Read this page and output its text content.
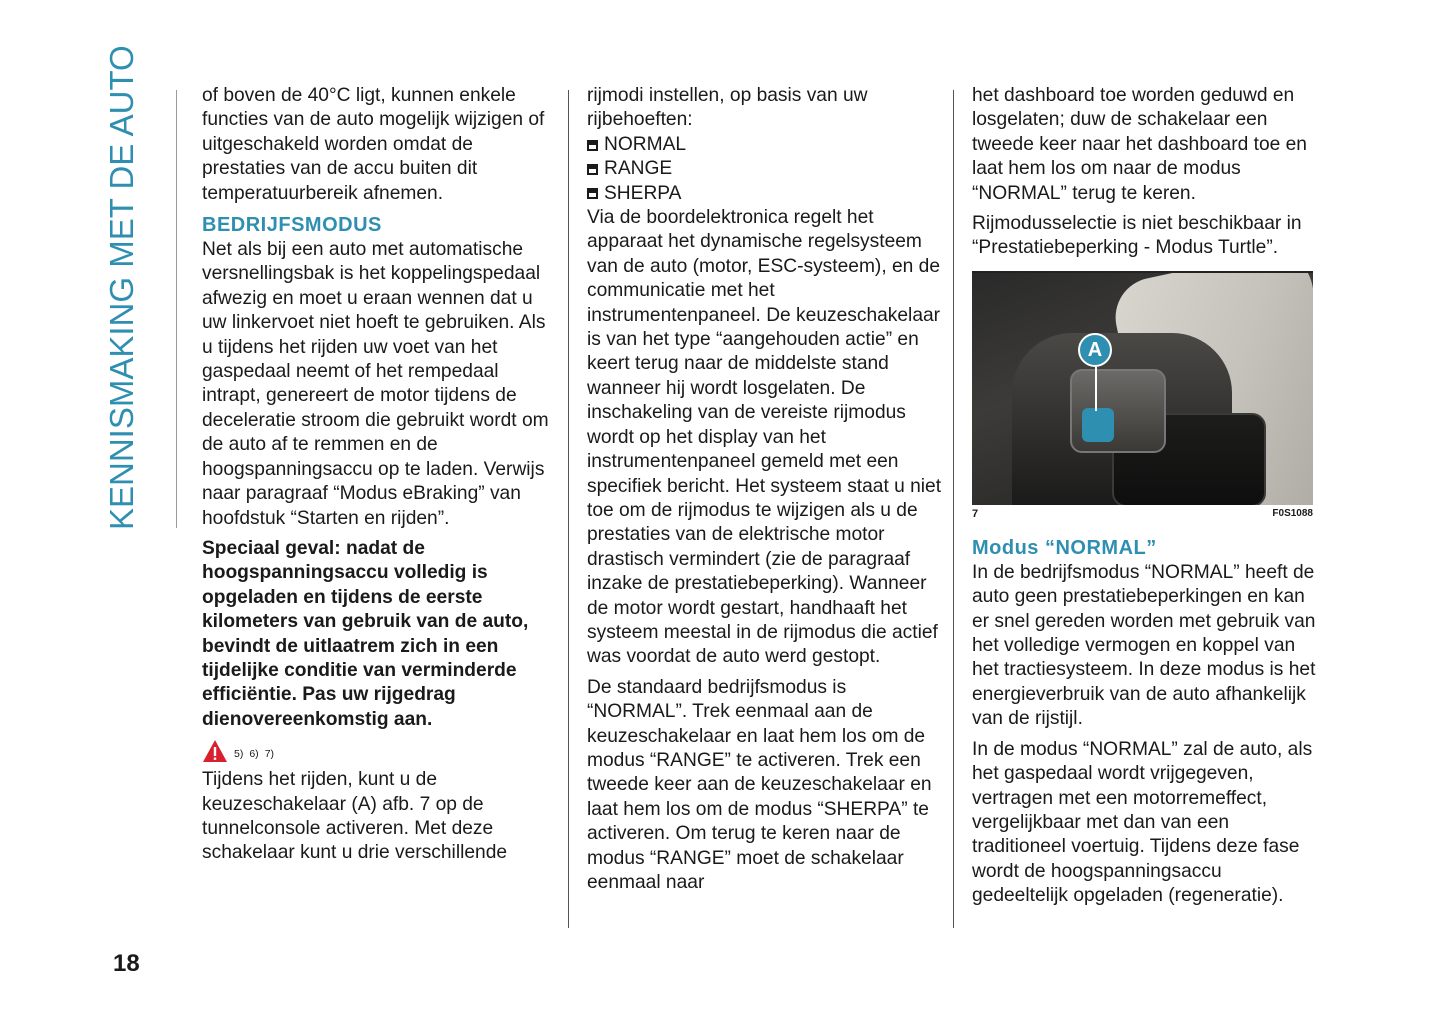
KENNISMAKING MET DE AUTO	of boven de 40°C ligt, kunnen enkele functies van de auto mogelijk wijzigen of uitgeschakeld worden omdat de prestaties van de accu buiten dit temperatuurbereik afnemen.

BEDRIJFSMODUS

Net als bij een auto met automatische versnellingsbak is het koppelingspedaal afwezig en moet u eraan wennen dat u uw linkervoet niet hoeft te gebruiken. Als u tijdens het rijden uw voet van het gaspedaal neemt of het rempedaal intrapt, genereert de motor tijdens de deceleratie stroom die gebruikt wordt om de auto af te remmen en de hoogspanningsaccu op te laden. Verwijs naar paragraaf “Modus eBraking” van hoofdstuk “Starten en rijden”.

Speciaal geval: nadat de hoogspanningsaccu volledig is opgeladen en tijdens de eerste kilometers van gebruik van de auto, bevindt de uitlaatrem zich in een tijdelijke conditie van verminderde efficiëntie. Pas uw rijgedrag dienovereenkomstig aan.

5) 6) 7)

Tijdens het rijden, kunt u de keuzeschakelaar (A) afb. 7 op de tunnelconsole activeren. Met deze schakelaar kunt u drie verschillende

rijmodi instellen, op basis van uw rijbehoeften:

NORMAL
RANGE
SHERPA

Via de boordelektronica regelt het apparaat het dynamische regelsysteem van de auto (motor, ESC-systeem), en de communicatie met het instrumentenpaneel. De keuzeschakelaar is van het type “aangehouden actie” en keert terug naar de middelste stand wanneer hij wordt losgelaten. De inschakeling van de vereiste rijmodus wordt op het display van het instrumentenpaneel gemeld met een specifiek bericht. Het systeem staat u niet toe om de rijmodus te wijzigen als u de prestaties van de elektrische motor drastisch vermindert (zie de paragraaf inzake de prestatiebeperking). Wanneer de motor wordt gestart, handhaaft het systeem meestal in de rijmodus die actief was voordat de auto werd gestopt.

De standaard bedrijfsmodus is “NORMAL”. Trek eenmaal aan de keuzeschakelaar en laat hem los om de modus “RANGE” te activeren. Trek een tweede keer aan de keuzeschakelaar en laat hem los om de modus “SHERPA” te activeren. Om terug te keren naar de modus “RANGE” moet de schakelaar eenmaal naar

het dashboard toe worden geduwd en losgelaten; duw de schakelaar een tweede keer naar het dashboard toe en laat hem los om naar de modus “NORMAL” terug te keren.

Rijmodusselectie is niet beschikbaar in “Prestatiebeperking - Modus Turtle”.

A
7	F0S1088

Modus “NORMAL”

In de bedrijfsmodus “NORMAL” heeft de auto geen prestatiebeperkingen en kan er snel gereden worden met gebruik van het volledige vermogen en koppel van het tractiesysteem. In deze modus is het energieverbruik van de auto afhankelijk van de rijstijl.

In de modus “NORMAL” zal de auto, als het gaspedaal wordt vrijgegeven, vertragen met een motorremeffect, vergelijkbaar met dan van een traditioneel voertuig. Tijdens deze fase wordt de hoogspanningsaccu gedeeltelijk opgeladen (regeneratie).

18
